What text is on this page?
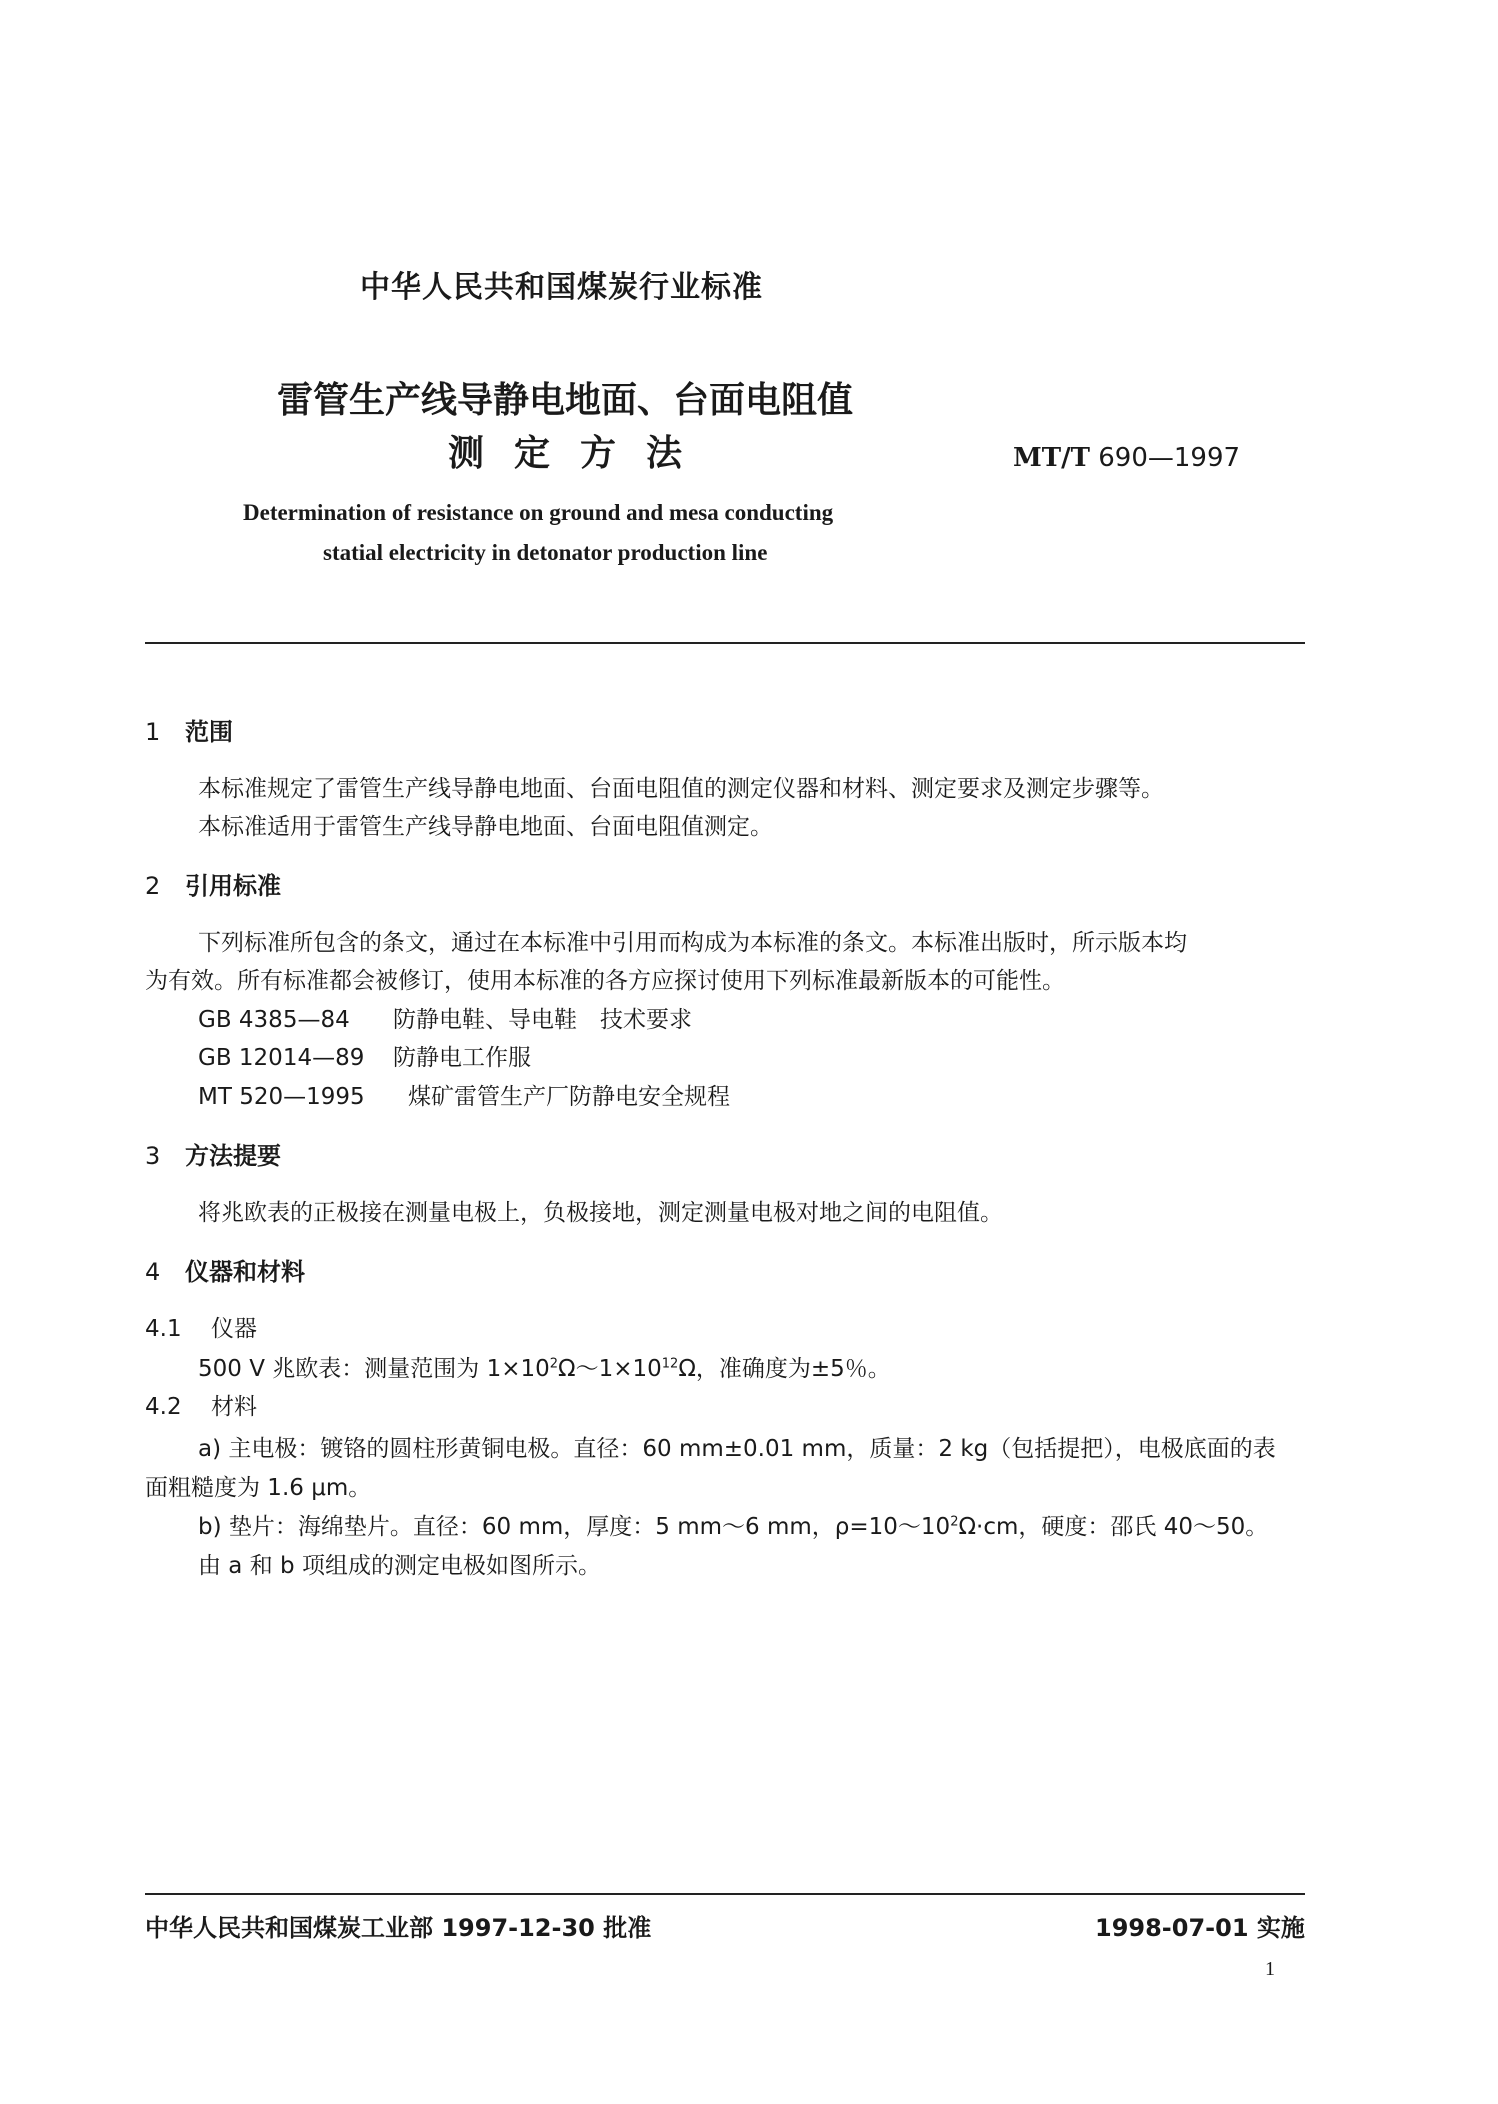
中华人民共和国煤炭行业标准
雷管生产线导静电地面、台面电阻值
测定方法	MT/T 690—1997
Determination of resistance on ground and mesa conducting
statial electricity in detonator production line
1 范围
本标准规定了雷管生产线导静电地面、台面电阻值的测定仪器和材料、测定要求及测定步骤等。
本标准适用于雷管生产线导静电地面、台面电阻值测定。
2 引用标准
下列标准所包含的条文，通过在本标准中引用而构成为本标准的条文。本标准出版时，所示版本均
为有效。所有标准都会被修订，使用本标准的各方应探讨使用下列标准最新版本的可能性。
GB 4385—84 防静电鞋、导电鞋　技术要求
GB 12014—89 防静电工作服
MT 520—1995 煤矿雷管生产厂防静电安全规程
3 方法提要
将兆欧表的正极接在测量电极上，负极接地，测定测量电极对地之间的电阻值。
4 仪器和材料
4.1 仪器
500 V 兆欧表：测量范围为 $1\times 10^2\Omega\sim 1\times 10^{12}\Omega$，准确度为±5％。
4.2 材料
a) 主电极：镀铬的圆柱形黄铜电极。直径：60 mm±0.01 mm，质量：2 kg（包括提把），电极底面的表
面粗糙度为 1.6 μm。
b) 垫片：海绵垫片。直径：60 mm，厚度：5 mm～6 mm，$\rho=10\sim 10^2\Omega\cdot cm$，硬度：邵氏 40～50。
由 a 和 b 项组成的测定电极如图所示。
中华人民共和国煤炭工业部 1997-12-30 批准	1998-07-01 实施
1
